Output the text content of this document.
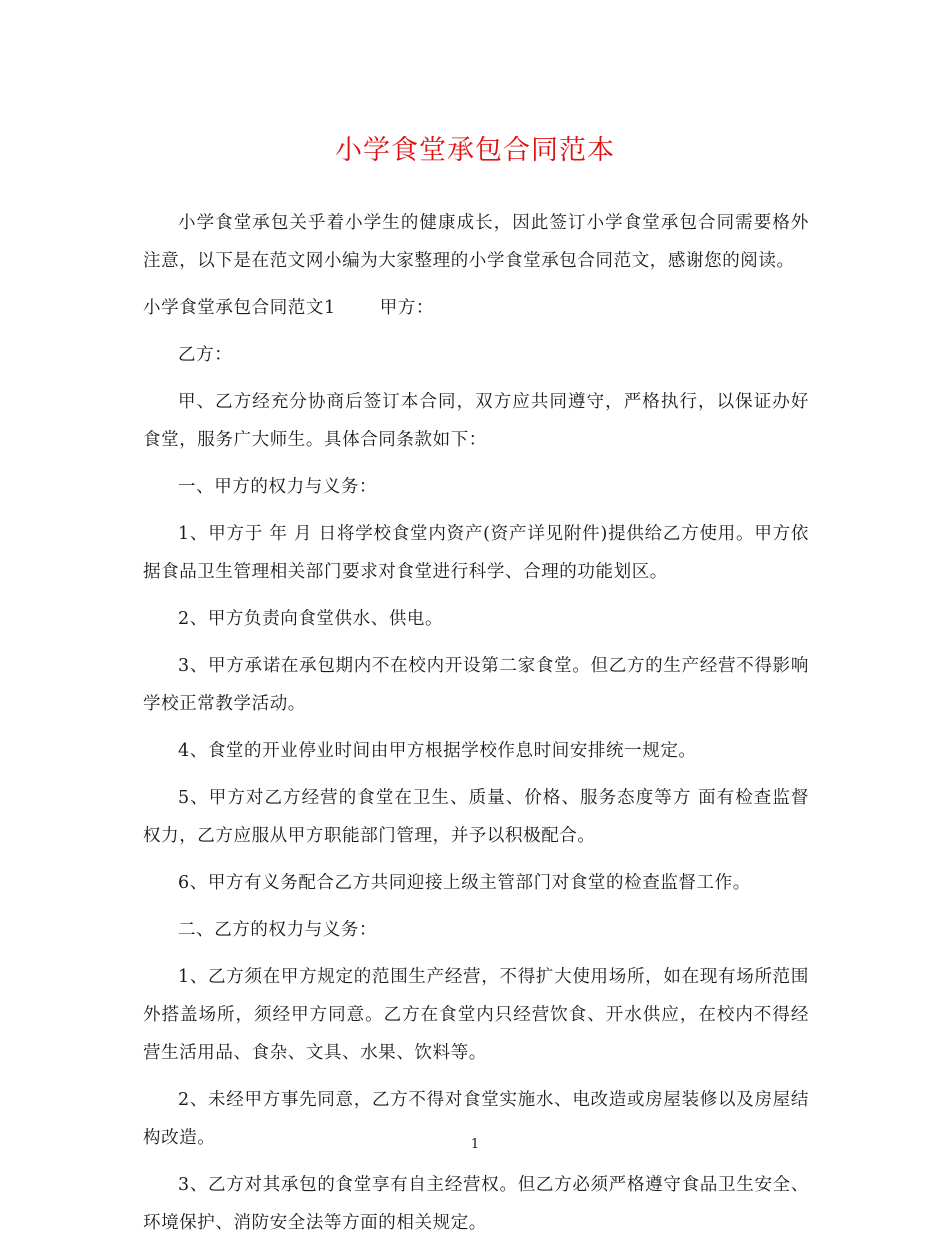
小学食堂承包合同范本

小学食堂承包关乎着小学生的健康成长，因此签订小学食堂承包合同需要格外注意，以下是在范文网小编为大家整理的小学食堂承包合同范文，感谢您的阅读。

小学食堂承包合同范文1	甲方：

乙方：

甲、乙方经充分协商后签订本合同，双方应共同遵守，严格执行，以保证办好食堂，服务广大师生。具体合同条款如下：

一、甲方的权力与义务：

1、甲方于 年 月 日将学校食堂内资产(资产详见附件)提供给乙方使用。甲方依据食品卫生管理相关部门要求对食堂进行科学、合理的功能划区。

2、甲方负责向食堂供水、供电。

3、甲方承诺在承包期内不在校内开设第二家食堂。但乙方的生产经营不得影响学校正常教学活动。

4、食堂的开业停业时间由甲方根据学校作息时间安排统一规定。

5、甲方对乙方经营的食堂在卫生、质量、价格、服务态度等方 面有检查监督权力，乙方应服从甲方职能部门管理，并予以积极配合。

6、甲方有义务配合乙方共同迎接上级主管部门对食堂的检查监督工作。

二、乙方的权力与义务：

1、乙方须在甲方规定的范围生产经营，不得扩大使用场所，如在现有场所范围外搭盖场所，须经甲方同意。乙方在食堂内只经营饮食、开水供应，在校内不得经营生活用品、食杂、文具、水果、饮料等。

2、未经甲方事先同意，乙方不得对食堂实施水、电改造或房屋装修以及房屋结构改造。

3、乙方对其承包的食堂享有自主经营权。但乙方必须严格遵守食品卫生安全、环境保护、消防安全法等方面的相关规定。

1
